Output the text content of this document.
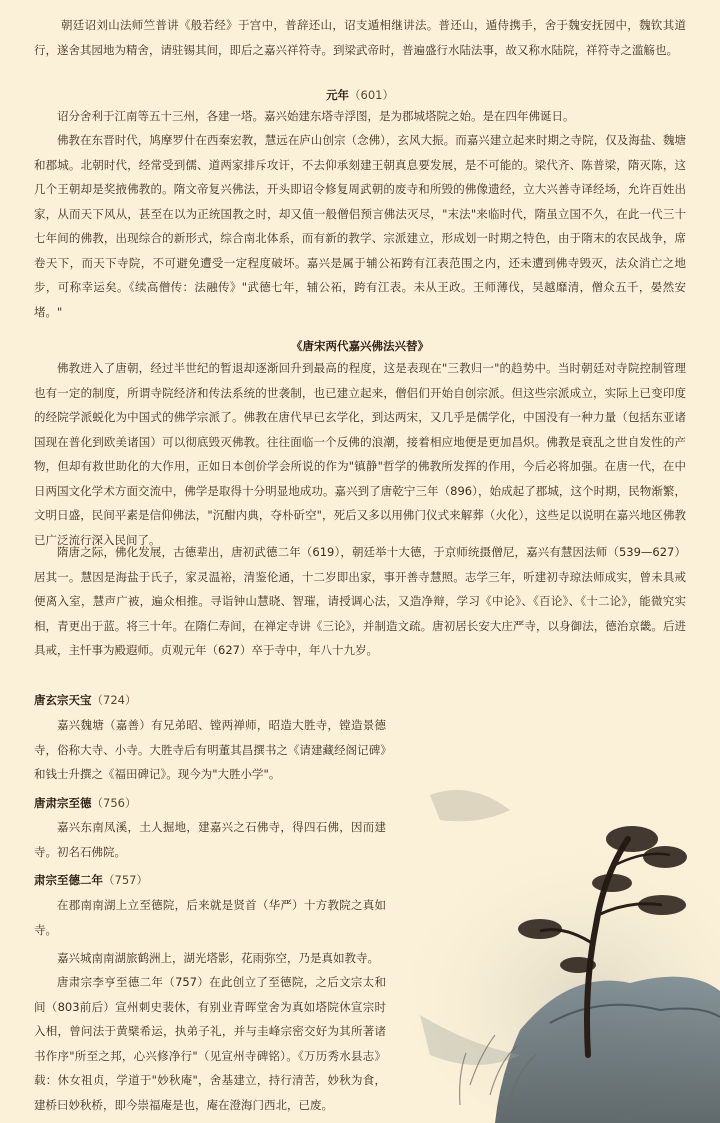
朝廷诏刘山法师竺普讲《般若经》于宫中，普辞还山，诏支遁相继讲法。普还山，遁侍携手，舍于魏安抚园中，魏钦其道行，遂舍其园地为精舍，请驻锡其间，即后之嘉兴祥符寺。到梁武帝时，普遍盛行水陆法事，故又称水陆院，祥符寺之滥觞也。

元年（601）

诏分舍利于江南等五十三州，各建一塔。嘉兴始建东塔寺浮图，是为郡城塔院之始。是在四年佛诞日。

佛教在东晋时代，鸠摩罗什在西秦宏教，慧远在庐山创宗（念佛），玄风大振。而嘉兴建立起来时期之寺院，仅及海盐、魏塘和郡城。北朝时代，经常受到儒、道两家排斥攻讦，不去仰承刻建王朝真息要发展，是不可能的。梁代齐、陈普梁，隋灭陈，这几个王朝却是奖掖佛教的。隋文帝复兴佛法，开头即诏令修复周武朝的废寺和所毁的佛像遗经，立大兴善寺译经场，允许百姓出家，从而天下风从，甚至在以为正统国教之时，却又值一般僧侣预言佛法灭尽，"末法"来临时代，隋虽立国不久，在此一代三十七年间的佛教，出现综合的新形式，综合南北体系，而有新的教学、宗派建立，形成划一时期之特色，由于隋末的农民战争，席卷天下，而天下寺院，不可避免遭受一定程度破坏。嘉兴是属于辅公祏跨有江表范围之内，还未遭到佛寺毁灭，法众消亡之地步，可称幸运矣。《续高僧传：法融传》"武德七年，辅公祏，跨有江表。未从王政。王师薄伐，吴越靡清，僧众五千，晏然安堵。"

《唐宋两代嘉兴佛法兴替》

佛教进入了唐朝，经过半世纪的暂退却逐渐回升到最高的程度，这是表现在"三教归一"的趋势中。当时朝廷对寺院控制管理也有一定的制度，所谓寺院经济和传法系统的世袭制，也已建立起来，僧侣们开始自创宗派。但这些宗派成立，实际上已变印度的经院学派蜕化为中国式的佛学宗派了。佛教在唐代早已玄学化，到达两宋，又几乎是儒学化，中国没有一种力量（包括东亚诸国现在普化到欧美诸国）可以彻底毁灭佛教。往往面临一个反佛的浪潮，接着相应地便是更加昌炽。佛教是衰乱之世自发性的产物，但却有救世助化的大作用，正如日本创价学会所说的作为"镇静"哲学的佛教所发挥的作用，今后必将加强。在唐一代，在中日两国文化学术方面交流中，佛学是取得十分明显地成功。嘉兴到了唐乾宁三年（896），始成起了郡城，这个时期，民物渐繁，文明日盛，民间平素是信仰佛法，"沉酣内典，夺朴斫空"，死后又多以用佛门仪式来解葬（火化），这些足以说明在嘉兴地区佛教已广泛流行深入民间了。

隋唐之际，佛化发展，古德辈出，唐初武德二年（619），朝廷举十大德，于京师统摄僧尼，嘉兴有慧因法师（539—627）居其一。慧因是海盐于氏子，家灵温裕，清鉴伦通，十二岁即出家，事开善寺慧照。志学三年，听建初寺琼法师成实，曾未具戒便离入室，慧声广被，遍众相推。寻诣钟山慧晓、智璀，请授调心法，又造净辩，学习《中论》、《百论》、《十二论》，能微究实相，青更出于蓝。将三十年。在隋仁寿间，在禅定寺讲《三论》，并制造文疏。唐初居长安大庄严寺，以身御法，德治京畿。后进具戒，主忏事为殿遐师。贞观元年（627）卒于寺中，年八十九岁。

唐玄宗天宝（724）

嘉兴魏塘（嘉善）有兄弟昭、镗两禅师，昭造大胜寺，镗造景德寺，俗称大寺、小寺。大胜寺后有明董其昌撰书之《请建藏经阁记碑》和钱士升撰之《福田碑记》。现今为"大胜小学"。

唐肃宗至德（756）

嘉兴东南凤溪，土人掘地，建嘉兴之石佛寺，得四石佛，因而建寺。初名石佛院。

肃宗至德二年（757）

在郡南南湖上立至德院，后来就是贤首（华严）十方教院之真如寺。

嘉兴城南南湖旅鹤洲上，湖光塔影，花雨弥空，乃是真如教寺。

唐肃宗李亨至德二年（757）在此创立了至德院，之后文宗太和间（803前后）宣州刺史裴休，有别业青晖堂舍为真如塔院休宣宗时入相，曾问法于黄檗希运，执弟子礼，并与圭峰宗密交好为其所著诸书作序"所至之邦，心兴修净行"（见宣州寺碑铭）。《万历秀水县志》载：休女祖贞，学道于"妙秋庵"，舍基建立，持行清苦，妙秋为食，建桥曰妙秋桥，即今崇福庵是也，庵在澄海门西北，已废。
